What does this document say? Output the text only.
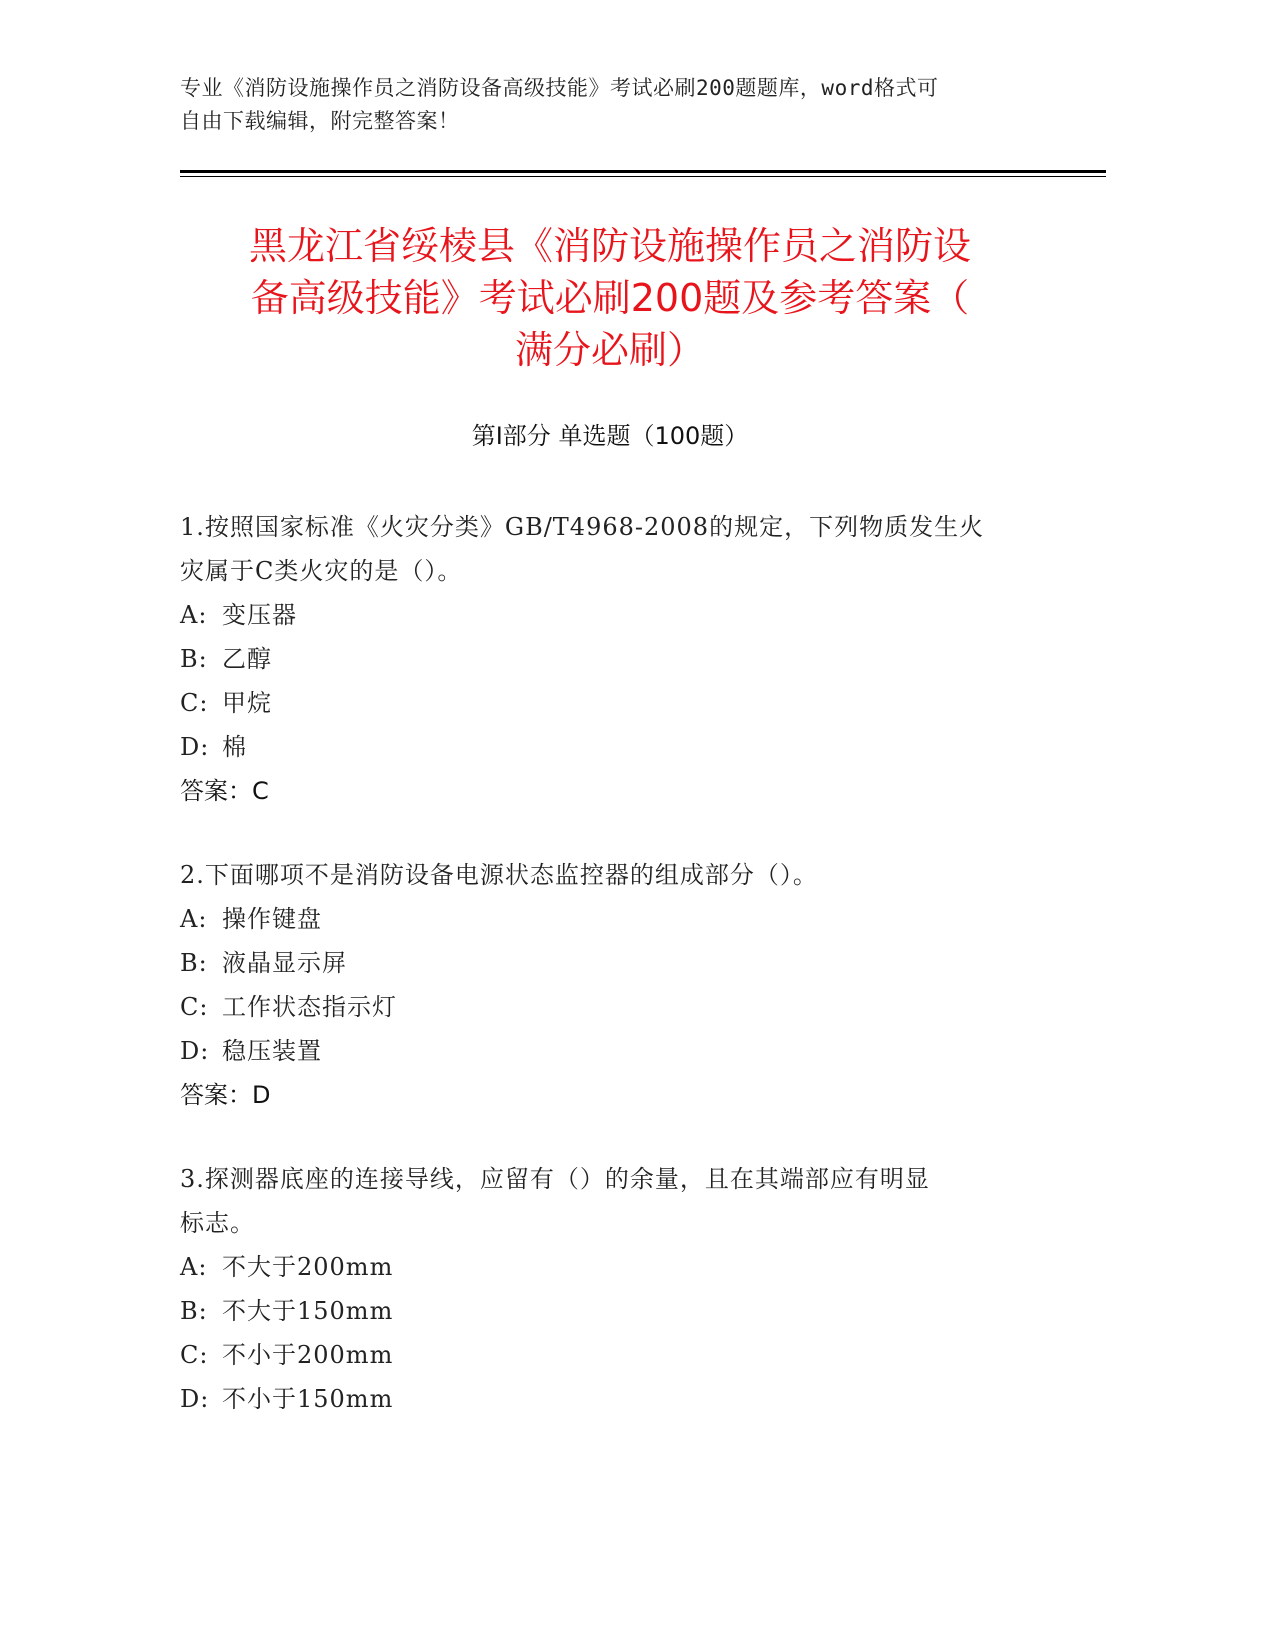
专业《消防设施操作员之消防设备高级技能》考试必刷200题题库，word格式可
自由下载编辑，附完整答案！
黑龙江省绥棱县《消防设施操作员之消防设
备高级技能》考试必刷200题及参考答案（
满分必刷）
第I部分 单选题（100题）
1.按照国家标准《火灾分类》GB/T4968-2008的规定，下列物质发生火
灾属于C类火灾的是（）。
A: 变压器
B: 乙醇
C: 甲烷
D: 棉
答案：C
2.下面哪项不是消防设备电源状态监控器的组成部分（）。
A: 操作键盘
B: 液晶显示屏
C: 工作状态指示灯
D: 稳压装置
答案：D
3.探测器底座的连接导线，应留有（）的余量，且在其端部应有明显
标志。
A: 不大于200mm
B: 不大于150mm
C: 不小于200mm
D: 不小于150mm
